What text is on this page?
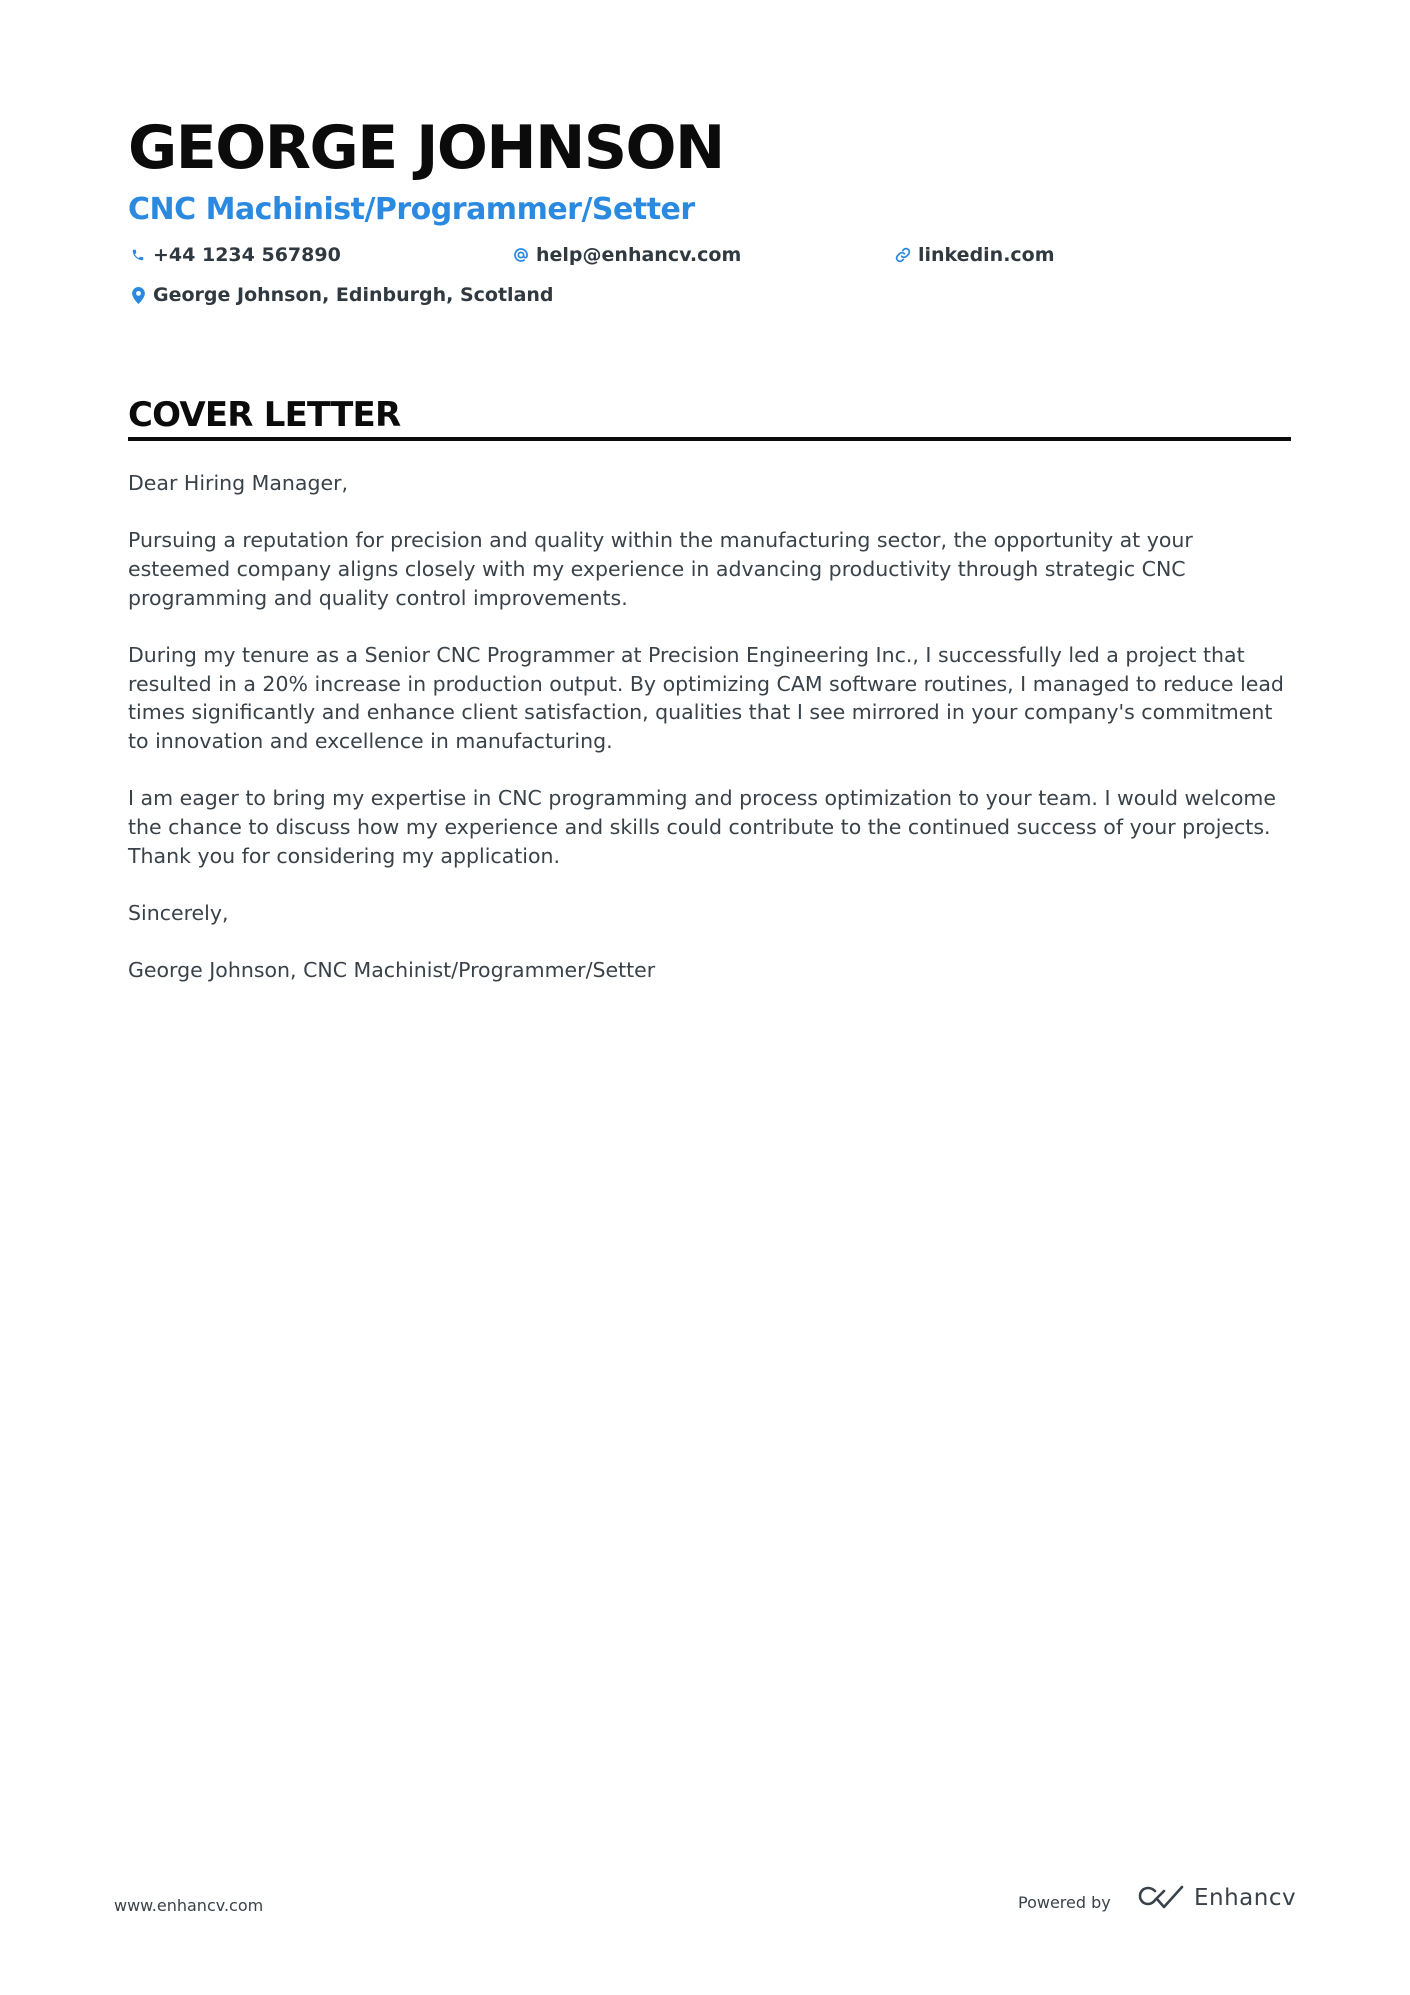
GEORGE JOHNSON
CNC Machinist/Programmer/Setter
+44 1234 567890	help@enhancv.com	linkedin.com
George Johnson, Edinburgh, Scotland
COVER LETTER

Dear Hiring Manager,

Pursuing a reputation for precision and quality within the manufacturing sector, the opportunity at your esteemed company aligns closely with my experience in advancing productivity through strategic CNC programming and quality control improvements.

During my tenure as a Senior CNC Programmer at Precision Engineering Inc., I successfully led a project that resulted in a 20% increase in production output. By optimizing CAM software routines, I managed to reduce lead times significantly and enhance client satisfaction, qualities that I see mirrored in your company's commitment to innovation and excellence in manufacturing.

I am eager to bring my expertise in CNC programming and process optimization to your team. I would welcome the chance to discuss how my experience and skills could contribute to the continued success of your projects. Thank you for considering my application.

Sincerely,

George Johnson, CNC Machinist/Programmer/Setter

www.enhancv.com	Powered by	Enhancv
